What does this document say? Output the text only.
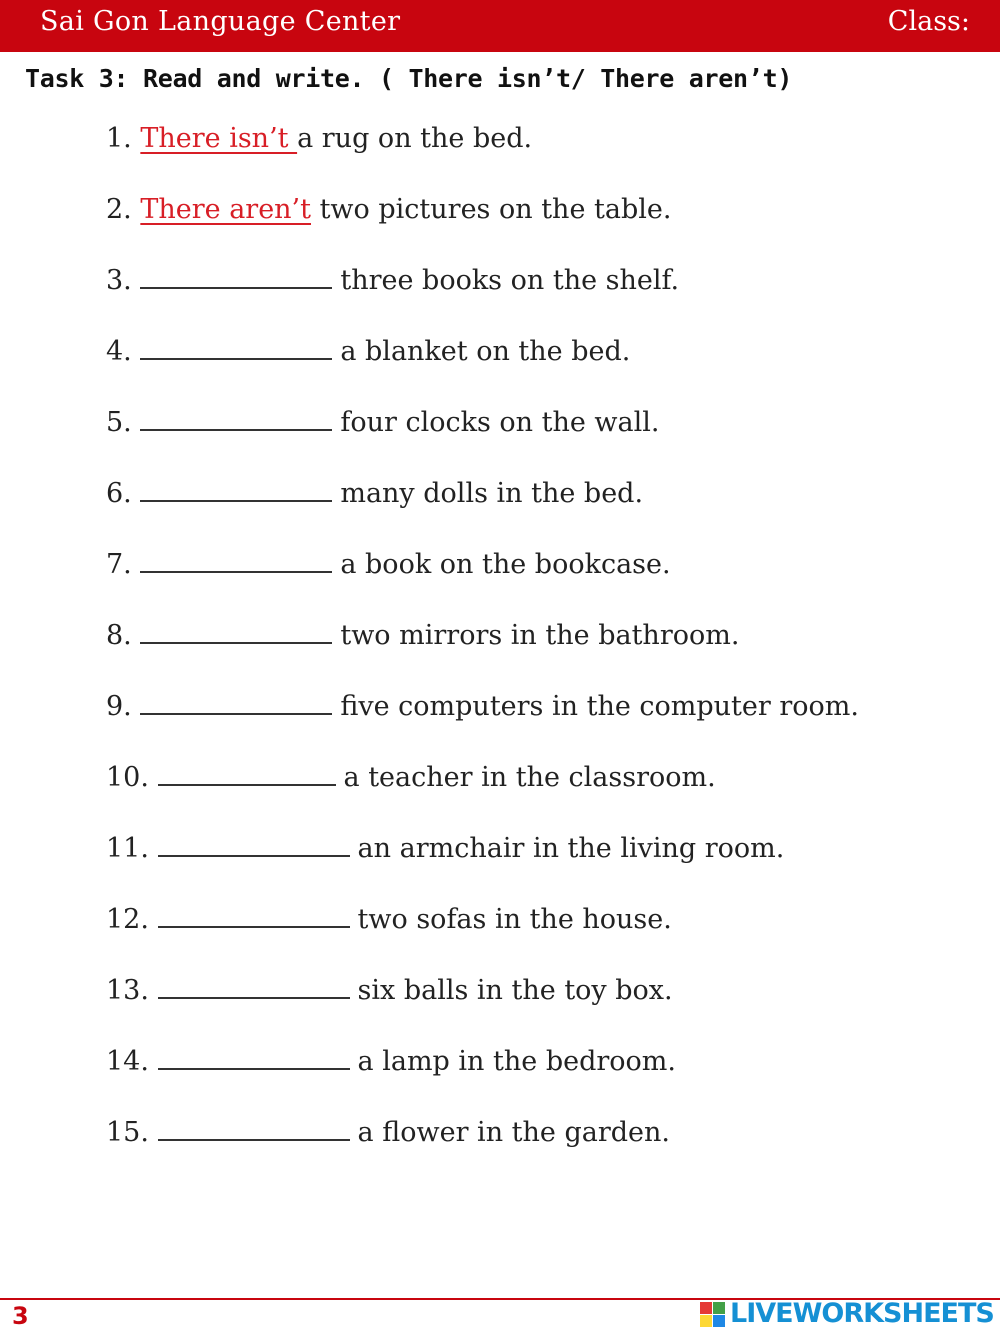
Sai Gon Language Center	Class:
Task 3: Read and write. ( There isn’t/ There aren’t)
1. There isn’t a rug on the bed.
2. There aren’t two pictures on the table.
3.	three books on the shelf.
4.	a blanket on the bed.
5.	four clocks on the wall.
6.	many dolls in the bed.
7.	a book on the bookcase.
8.	two mirrors in the bathroom.
9.	five computers in the computer room.
10.	a teacher in the classroom.
11.	an armchair in the living room.
12.	two sofas in the house.
13.	six balls in the toy box.
14.	a lamp in the bedroom.
15.	a flower in the garden.
3	LIVEWORKSHEETS
